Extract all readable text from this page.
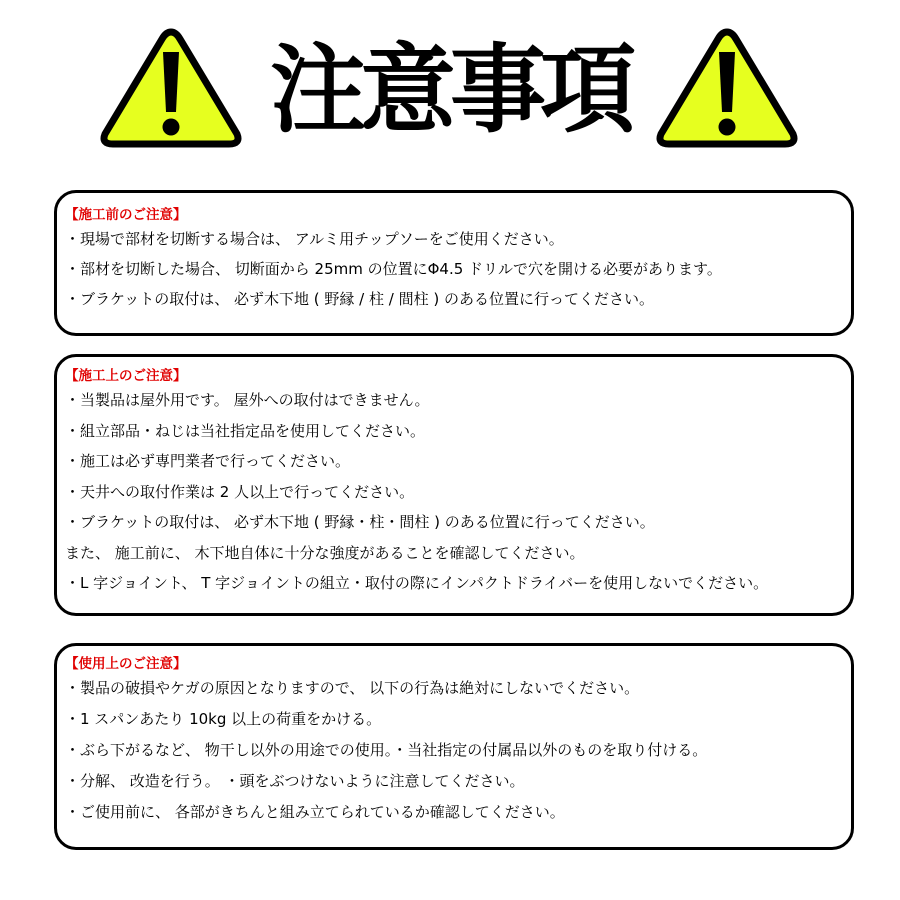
注意事項
【施工前のご注意】
・現場で部材を切断する場合は、 アルミ用チップソーをご使用ください。
・部材を切断した場合、 切断面から 25mm の位置にΦ4.5 ドリルで穴を開ける必要があります。
・ブラケットの取付は、 必ず木下地 ( 野縁 / 柱 / 間柱 ) のある位置に行ってください。
【施工上のご注意】
・当製品は屋外用です。 屋外への取付はできません。
・組立部品・ねじは当社指定品を使用してください。
・施工は必ず専門業者で行ってください。
・天井への取付作業は 2 人以上で行ってください。
・ブラケットの取付は、 必ず木下地 ( 野縁・柱・間柱 ) のある位置に行ってください。
また、 施工前に、 木下地自体に十分な強度があることを確認してください。
・L 字ジョイント、 T 字ジョイントの組立・取付の際にインパクトドライバーを使用しないでください。
【使用上のご注意】
・製品の破損やケガの原因となりますので、 以下の行為は絶対にしないでください。
・1 スパンあたり 10kg 以上の荷重をかける。
・ぶら下がるなど、 物干し以外の用途での使用。・当社指定の付属品以外のものを取り付ける。
・分解、 改造を行う。 ・頭をぶつけないように注意してください。
・ご使用前に、 各部がきちんと組み立てられているか確認してください。
